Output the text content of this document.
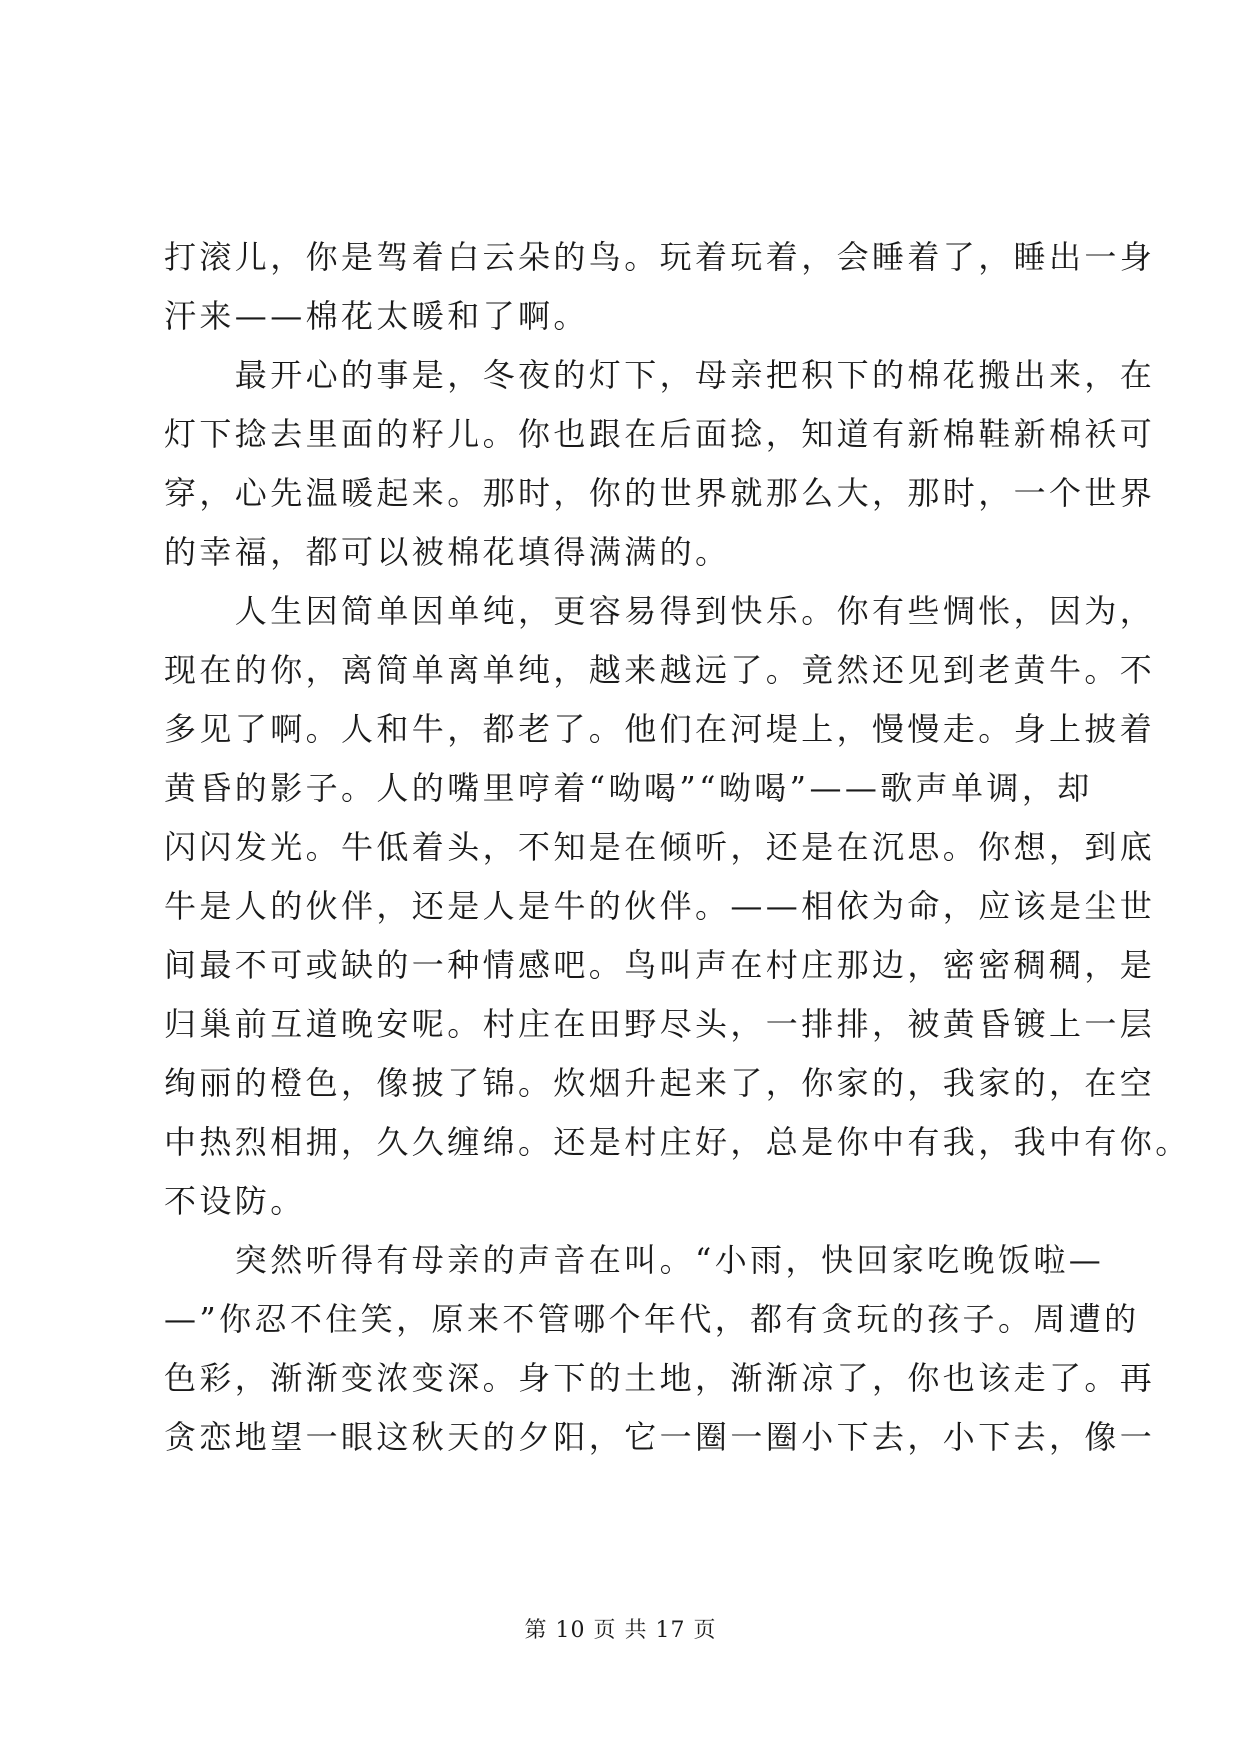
打滚儿，你是驾着白云朵的鸟。玩着玩着，会睡着了，睡出一身
汗来——棉花太暖和了啊。
　　最开心的事是，冬夜的灯下，母亲把积下的棉花搬出来，在
灯下捻去里面的籽儿。你也跟在后面捻，知道有新棉鞋新棉袄可
穿，心先温暖起来。那时，你的世界就那么大，那时，一个世界
的幸福，都可以被棉花填得满满的。
　　人生因简单因单纯，更容易得到快乐。你有些惆怅，因为，
现在的你，离简单离单纯，越来越远了。竟然还见到老黄牛。不
多见了啊。人和牛，都老了。他们在河堤上，慢慢走。身上披着
黄昏的影子。人的嘴里哼着“呦喝”“呦喝”——歌声单调，却
闪闪发光。牛低着头，不知是在倾听，还是在沉思。你想，到底
牛是人的伙伴，还是人是牛的伙伴。——相依为命，应该是尘世
间最不可或缺的一种情感吧。鸟叫声在村庄那边，密密稠稠，是
归巢前互道晚安呢。村庄在田野尽头，一排排，被黄昏镀上一层
绚丽的橙色，像披了锦。炊烟升起来了，你家的，我家的，在空
中热烈相拥，久久缠绵。还是村庄好，总是你中有我，我中有你。
不设防。
　　突然听得有母亲的声音在叫。“小雨，快回家吃晚饭啦—
—”你忍不住笑，原来不管哪个年代，都有贪玩的孩子。周遭的
色彩，渐渐变浓变深。身下的土地，渐渐凉了，你也该走了。再
贪恋地望一眼这秋天的夕阳，它一圈一圈小下去，小下去，像一
第 10 页 共 17 页
